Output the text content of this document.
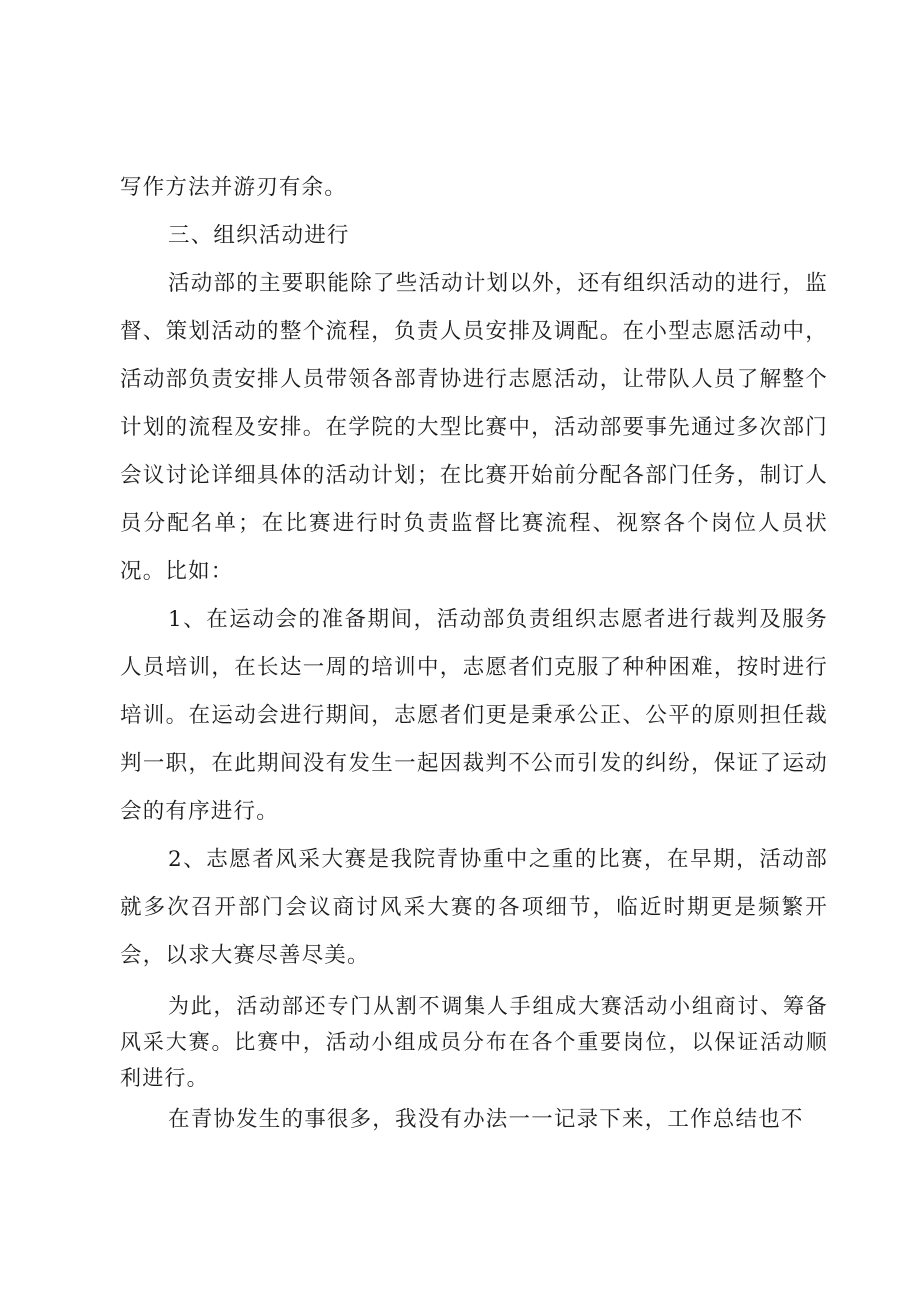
写作方法并游刃有余。

三、组织活动进行

活动部的主要职能除了些活动计划以外，还有组织活动的进行，监督、策划活动的整个流程，负责人员安排及调配。在小型志愿活动中，活动部负责安排人员带领各部青协进行志愿活动，让带队人员了解整个计划的流程及安排。在学院的大型比赛中，活动部要事先通过多次部门会议讨论详细具体的活动计划；在比赛开始前分配各部门任务，制订人员分配名单；在比赛进行时负责监督比赛流程、视察各个岗位人员状况。比如：

1、在运动会的准备期间，活动部负责组织志愿者进行裁判及服务人员培训，在长达一周的培训中，志愿者们克服了种种困难，按时进行培训。在运动会进行期间，志愿者们更是秉承公正、公平的原则担任裁判一职，在此期间没有发生一起因裁判不公而引发的纠纷，保证了运动会的有序进行。

2、志愿者风采大赛是我院青协重中之重的比赛，在早期，活动部就多次召开部门会议商讨风采大赛的各项细节，临近时期更是频繁开会，以求大赛尽善尽美。

为此，活动部还专门从割不调集人手组成大赛活动小组商讨、筹备风采大赛。比赛中，活动小组成员分布在各个重要岗位，以保证活动顺利进行。

在青协发生的事很多，我没有办法一一记录下来，工作总结也不
